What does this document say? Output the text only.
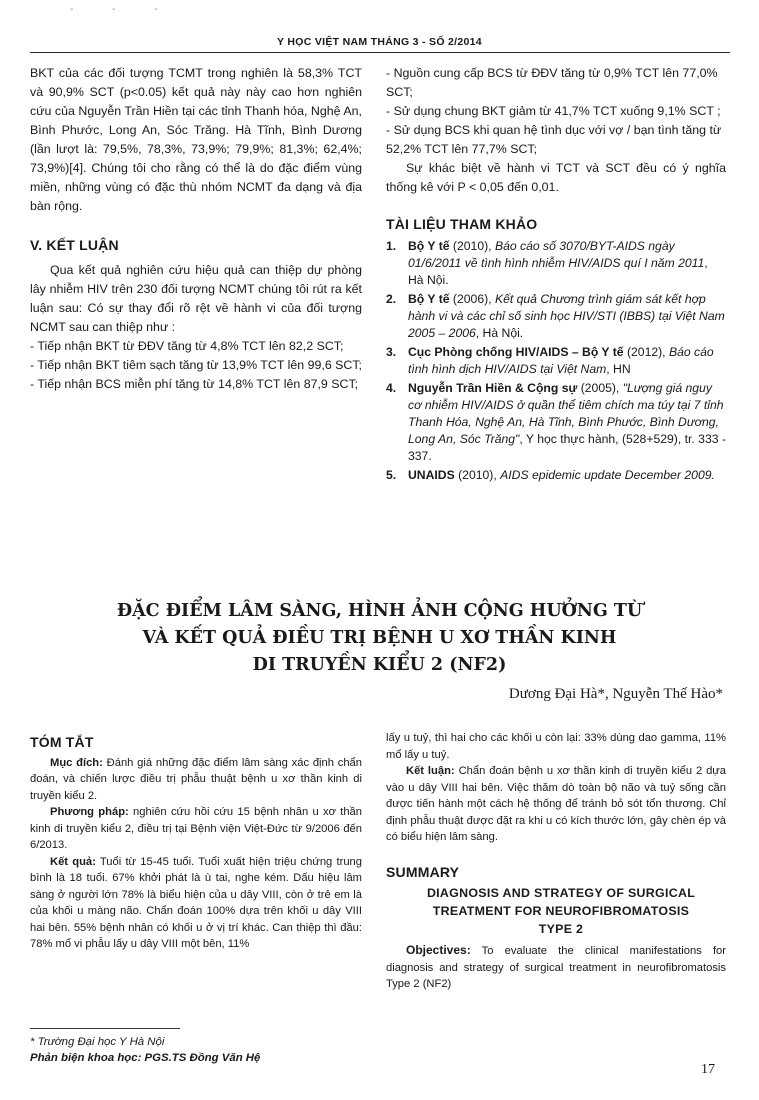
- - -
Y HỌC VIỆT NAM THÁNG 3 - SỐ 2/2014

BKT của các đối tượng TCMT trong nghiên là 58,3% TCT và 90,9% SCT (p<0.05) kết quả này này cao hơn nghiên cứu của Nguyễn Trần Hiền tại các tỉnh Thanh hóa, Nghệ An, Bình Phước, Long An, Sóc Trăng. Hà Tĩnh, Bình Dương (lần lượt là: 79,5%, 78,3%, 73,9%; 79,9%; 81,3%; 62,4%; 73,9%)[4]. Chúng tôi cho rằng có thể là do đặc điểm vùng miền, những vùng có đặc thù nhóm NCMT đa dạng và địa bàn rộng.

V. KẾT LUẬN

Qua kết quả nghiên cứu hiệu quả can thiệp dự phòng lây nhiễm HIV trên 230 đối tượng NCMT chúng tôi rút ra kết luận sau: Có sự thay đổi rõ rệt về hành vi của đối tượng NCMT sau can thiệp như :

- Tiếp nhận BKT từ ĐĐV tăng từ 4,8% TCT lên 82,2 SCT;

- Tiếp nhận BKT tiêm sạch tăng từ 13,9% TCT lên 99,6 SCT;

- Tiếp nhận BCS miễn phí tăng từ 14,8% TCT lên 87,9 SCT;

- Nguồn cung cấp BCS từ ĐĐV tăng từ 0,9% TCT lên 77,0% SCT;

- Sử dụng chung BKT giảm từ 41,7% TCT xuống 9,1% SCT ;

- Sử dụng BCS khi quan hệ tình dục với vợ / bạn tình tăng từ 52,2% TCT lên 77,7% SCT;

Sự khác biệt về hành vi TCT và SCT đều có ý nghĩa thống kê với P < 0,05 đến 0,01.

TÀI LIỆU THAM KHẢO
1. Bộ Y tế (2010), Báo cáo số 3070/BYT-AIDS ngày 01/6/2011 về tình hình nhiễm HIV/AIDS quí I năm 2011, Hà Nội.
2. Bộ Y tế (2006), Kết quả Chương trình giám sát kết hợp hành vi và các chỉ số sinh học HIV/STI (IBBS) tại Việt Nam 2005 – 2006, Hà Nội.
3. Cục Phòng chống HIV/AIDS – Bộ Y tế (2012), Báo cáo tình hình dịch HIV/AIDS tại Việt Nam, HN
4. Nguyễn Trần Hiền & Cộng sự (2005), "Lượng giá nguy cơ nhiễm HIV/AIDS ở quần thể tiêm chích ma túy tại 7 tỉnh Thanh Hóa, Nghệ An, Hà Tĩnh, Bình Phước, Bình Dương, Long An, Sóc Trăng", Y học thực hành, (528+529), tr. 333 - 337.
5. UNAIDS (2010), AIDS epidemic update December 2009.
ĐẶC ĐIỂM LÂM SÀNG, HÌNH ẢNH CỘNG HƯỞNG TỪ
VÀ KẾT QUẢ ĐIỀU TRỊ BỆNH U XƠ THẦN KINH
DI TRUYỀN KIỂU 2 (NF2)
Dương Đại Hà*, Nguyễn Thế Hào*
TÓM TẮT

Mục đích: Đánh giá những đặc điểm lâm sàng xác định chẩn đoán, và chiến lược điều trị phẫu thuật bệnh u xơ thần kinh di truyền kiểu 2.

Phương pháp: nghiên cứu hồi cứu 15 bệnh nhân u xơ thần kinh di truyền kiểu 2, điều trị tại Bệnh viện Việt-Đức từ 9/2006 đến 6/2013.

Kết quả: Tuổi từ 15-45 tuổi. Tuổi xuất hiện triệu chứng trung bình là 18 tuổi. 67% khởi phát là ù tai, nghe kém. Dấu hiệu lâm sàng ở người lớn 78% là biểu hiện của u dây VIII, còn ở trẻ em là của khối u màng não. Chẩn đoán 100% dựa trên khối u dây VIII hai bên. 55% bệnh nhân có khối u ở vị trí khác. Can thiệp thì đầu: 78% mổ vi phẫu lấy u dây VIII một bên, 11%

lấy u tuỷ, thì hai cho các khối u còn lại: 33% dùng dao gamma, 11% mổ lấy u tuỷ.

Kết luận: Chẩn đoán bệnh u xơ thần kinh di truyền kiểu 2 dựa vào u dây VIII hai bên. Việc thăm dò toàn bộ não và tuỷ sống cần được tiến hành một cách hệ thống để tránh bỏ sót tổn thương. Chỉ định phẫu thuật được đặt ra khi u có kích thước lớn, gây chèn ép và có biểu hiện lâm sàng.

SUMMARY
DIAGNOSIS AND STRATEGY OF SURGICAL TREATMENT FOR NEUROFIBROMATOSIS TYPE 2

Objectives: To evaluate the clinical manifestations for diagnosis and strategy of surgical treatment in neurofibromatosis Type 2 (NF2)

* Trường Đại học Y Hà Nội
Phản biện khoa học: PGS.TS Đồng Văn Hệ
17
